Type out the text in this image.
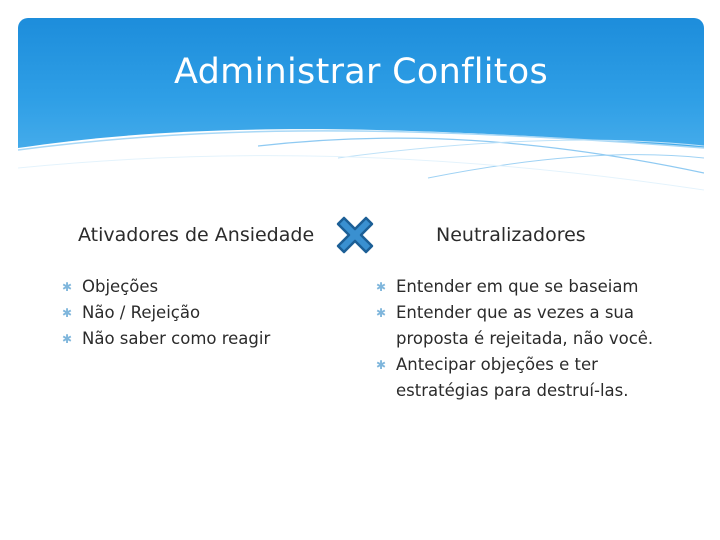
Administrar Conflitos
Ativadores de Ansiedade	Neutralizadores
✱ Objeções
✱ Não / Rejeição
✱ Não saber como reagir
✱ Entender em que se baseiam
✱ Entender que as vezes a sua proposta é rejeitada, não você.
✱ Antecipar objeções e ter estratégias para destruí-las.
